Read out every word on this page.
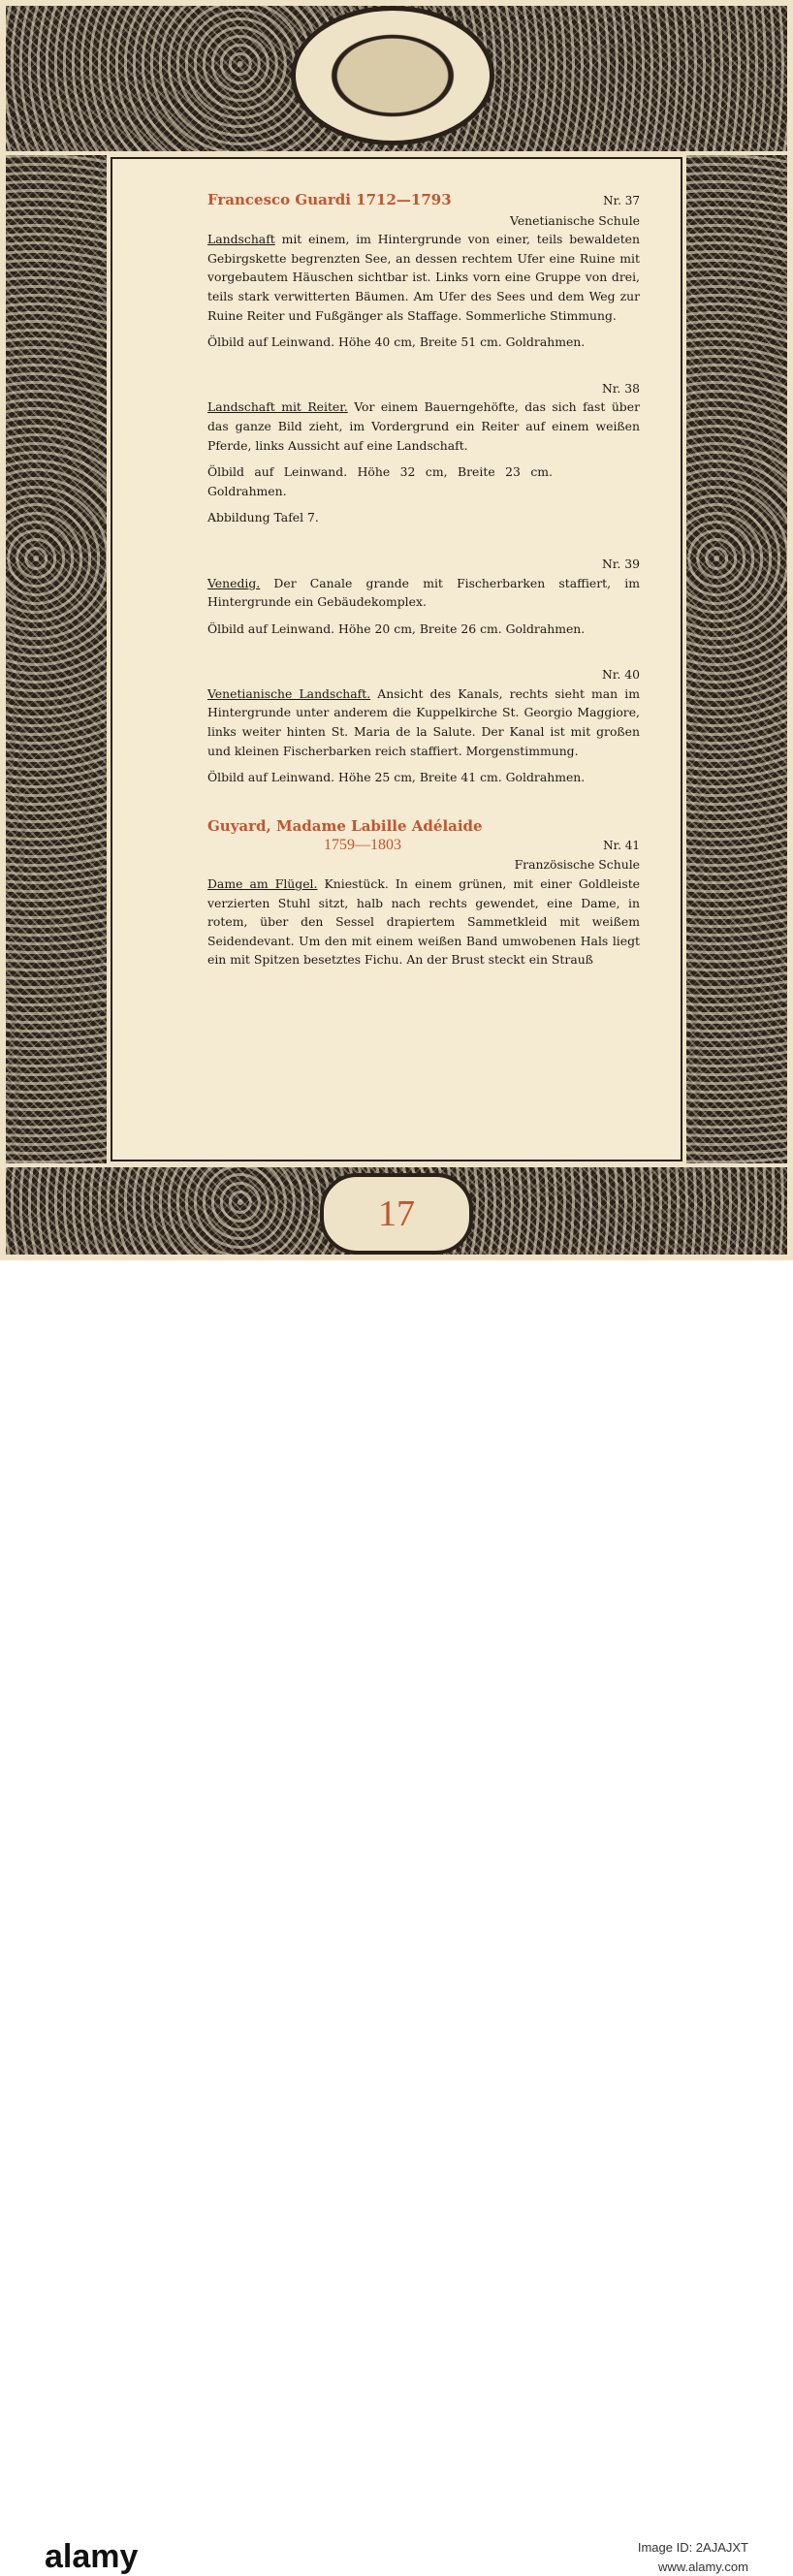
17
Francesco Guardi 1712—1793	Nr. 37
Venetianische Schule

Landschaft mit einem, im Hintergrunde von einer, teils bewaldeten Gebirgskette begrenzten See, an dessen rechtem Ufer eine Ruine mit vorgebautem Häuschen sichtbar ist. Links vorn eine Gruppe von drei, teils stark verwitterten Bäumen. Am Ufer des Sees und dem Weg zur Ruine Reiter und Fußgänger als Staffage. Sommerliche Stimmung.

Ölbild auf Leinwand. Höhe 40 cm, Breite 51 cm. Goldrahmen.

Nr. 38

Landschaft mit Reiter. Vor einem Bauerngehöfte, das sich fast über das ganze Bild zieht, im Vordergrund ein Reiter auf einem weißen Pferde, links Aussicht auf eine Landschaft.

Ölbild auf Leinwand. Höhe 32 cm, Breite 23 cm. Goldrahmen.

Abbildung Tafel 7.

Nr. 39

Venedig. Der Canale grande mit Fischerbarken staffiert, im Hintergrunde ein Gebäudekomplex.

Ölbild auf Leinwand. Höhe 20 cm, Breite 26 cm. Goldrahmen.

Nr. 40

Venetianische Landschaft. Ansicht des Kanals, rechts sieht man im Hintergrunde unter anderem die Kuppelkirche St. Georgio Maggiore, links weiter hinten St. Maria de la Salute. Der Kanal ist mit großen und kleinen Fischerbarken reich staffiert. Morgenstimmung.

Ölbild auf Leinwand. Höhe 25 cm, Breite 41 cm. Goldrahmen.

Guyard, Madame Labille Adélaide
1759—1803	Nr. 41
Französische Schule

Dame am Flügel. Kniestück. In einem grünen, mit einer Goldleiste verzierten Stuhl sitzt, halb nach rechts gewendet, eine Dame, in rotem, über den Sessel drapiertem Sammetkleid mit weißem Seidendevant. Um den mit einem weißen Band umwobenen Hals liegt ein mit Spitzen besetztes Fichu. An der Brust steckt ein Strauß

alamy	Image ID: 2AJAJXT
www.alamy.com
